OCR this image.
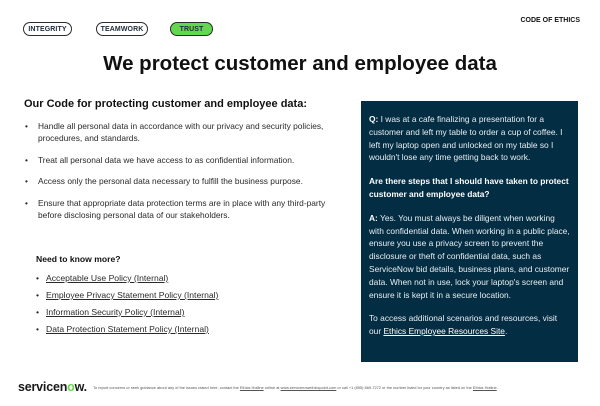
INTEGRITY	TEAMWORK	TRUST
CODE OF ETHICS
We protect customer and employee data
Our Code for protecting customer and employee data:
• Handle all personal data in accordance with our privacy and security policies, procedures, and standards.
• Treat all personal data we have access to as confidential information.
• Access only the personal data necessary to fulfill the business purpose.
• Ensure that appropriate data protection terms are in place with any third-party before disclosing personal data of our stakeholders.
Need to know more?
• Acceptable Use Policy (Internal)
• Employee Privacy Statement Policy (Internal)
• Information Security Policy (Internal)
• Data Protection Statement Policy (Internal)

Q: I was at a cafe finalizing a presentation for a customer and left my table to order a cup of coffee. I left my laptop open and unlocked on my table so I wouldn't lose any time getting back to work.

Are there steps that I should have taken to protect customer and employee data?

A: Yes. You must always be diligent when working with confidential data. When working in a public place, ensure you use a privacy screen to prevent the disclosure or theft of confidential data, such as ServiceNow bid details, business plans, and customer data. When not in use, lock your laptop's screen and ensure it is kept it in a secure location.

To access additional scenarios and resources, visit our Ethics Employee Resources Site.

servicenow. To report concerns or seek guidance about any of the issues raised here, contact the Ethics Hotline online at www.servicenowethicspoint.com or call +1 (855) 869-7272 or the number listed for your country as listed on the Ethics Hotline.
